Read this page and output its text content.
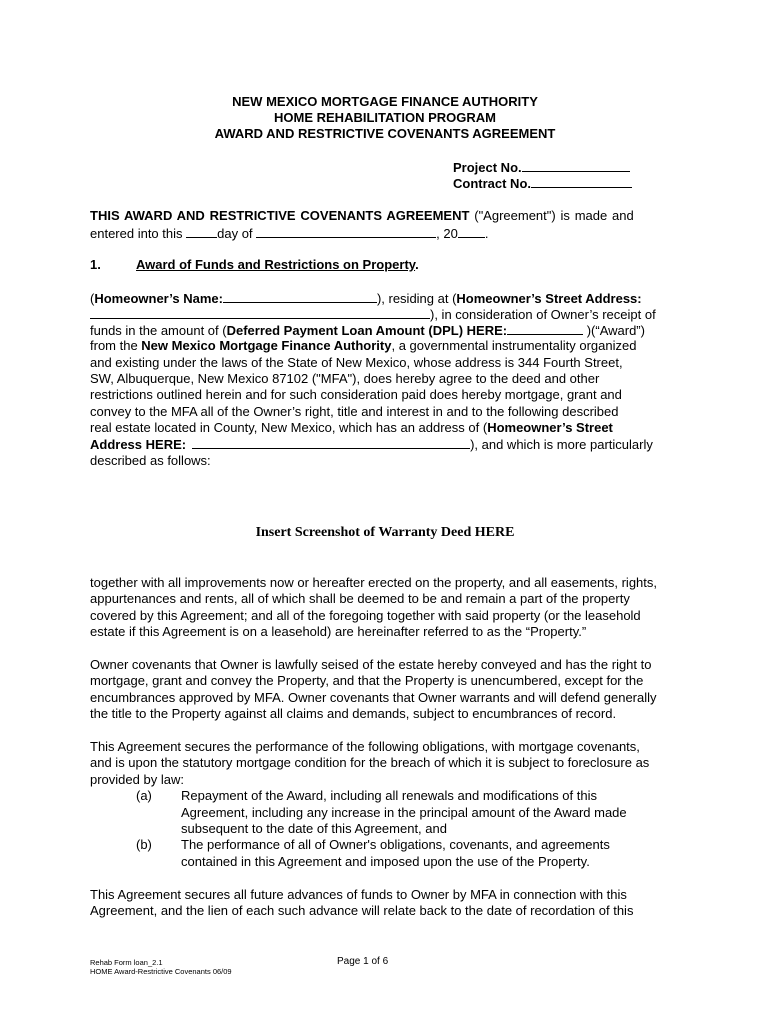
NEW MEXICO MORTGAGE FINANCE AUTHORITY
HOME REHABILITATION PROGRAM
AWARD AND RESTRICTIVE COVENANTS AGREEMENT
Project No.
Contract No.
THIS AWARD AND RESTRICTIVE COVENANTS AGREEMENT ("Agreement") is made and
entered into this day of	, 20 .
1.	Award of Funds and Restrictions on Property.
(Homeowner’s Name:	), residing at (Homeowner’s Street Address:
), in consideration of Owner’s receipt of
funds in the amount of (Deferred Payment Loan Amount (DPL) HERE:	)(“Award”)
from the New Mexico Mortgage Finance Authority, a governmental instrumentality organized
and existing under the laws of the State of New Mexico, whose address is 344 Fourth Street,
SW, Albuquerque, New Mexico 87102 ("MFA"), does hereby agree to the deed and other
restrictions outlined herein and for such consideration paid does hereby mortgage, grant and
convey to the MFA all of the Owner’s right, title and interest in and to the following described
real estate located in County, New Mexico, which has an address of (Homeowner’s Street
Address HERE:	), and which is more particularly
described as follows:
Insert Screenshot of Warranty Deed HERE
together with all improvements now or hereafter erected on the property, and all easements, rights,
appurtenances and rents, all of which shall be deemed to be and remain a part of the property
covered by this Agreement; and all of the foregoing together with said property (or the leasehold
estate if this Agreement is on a leasehold) are hereinafter referred to as the “Property.”
Owner covenants that Owner is lawfully seised of the estate hereby conveyed and has the right to
mortgage, grant and convey the Property, and that the Property is unencumbered, except for the
encumbrances approved by MFA. Owner covenants that Owner warrants and will defend generally
the title to the Property against all claims and demands, subject to encumbrances of record.
This Agreement secures the performance of the following obligations, with mortgage covenants,
and is upon the statutory mortgage condition for the breach of which it is subject to foreclosure as
provided by law:
(a) Repayment of the Award, including all renewals and modifications of this
Agreement, including any increase in the principal amount of the Award made
subsequent to the date of this Agreement, and
(b) The performance of all of Owner's obligations, covenants, and agreements
contained in this Agreement and imposed upon the use of the Property.
This Agreement secures all future advances of funds to Owner by MFA in connection with this
Agreement, and the lien of each such advance will relate back to the date of recordation of this
Rehab Form loan_2.1
HOME Award-Restrictive Covenants 06/09
Page 1 of 6
